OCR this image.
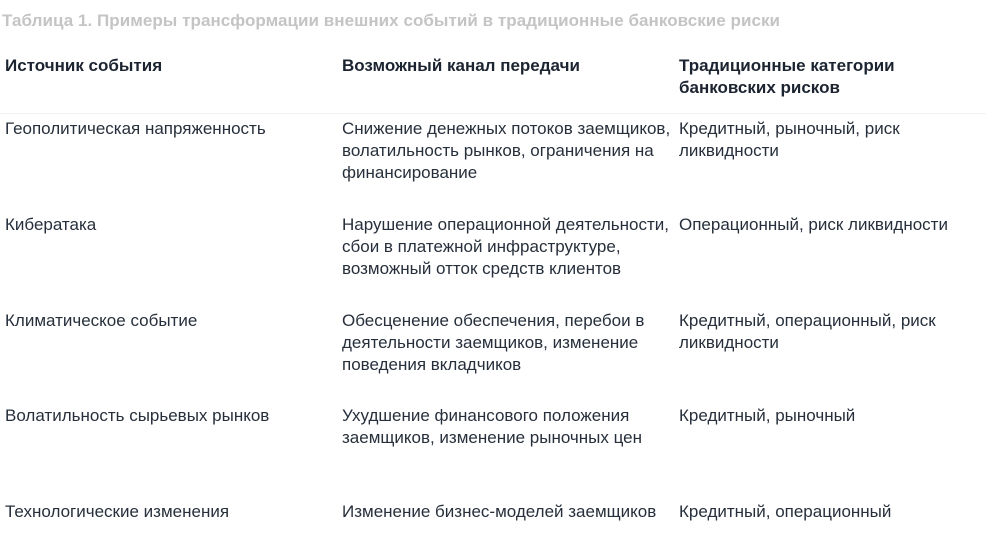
Таблица 1. Примеры трансформации внешних событий в традиционные банковские риски
Источник события	Возможный канал передачи	Традиционные категории банковских рисков
Геополитическая напряженность	Снижение денежных потоков заемщиков, волатильность рынков, ограничения на финансирование	Кредитный, рыночный, риск ликвидности
Кибератака	Нарушение операционной деятельности, сбои в платежной инфраструктуре, возможный отток средств клиентов	Операционный, риск ликвидности
Климатическое событие	Обесценение обеспечения, перебои в деятельности заемщиков, изменение поведения вкладчиков	Кредитный, операционный, риск ликвидности
Волатильность сырьевых рынков	Ухудшение финансового положения заемщиков, изменение рыночных цен	Кредитный, рыночный
Технологические изменения	Изменение бизнес-моделей заемщиков	Кредитный, операционный
